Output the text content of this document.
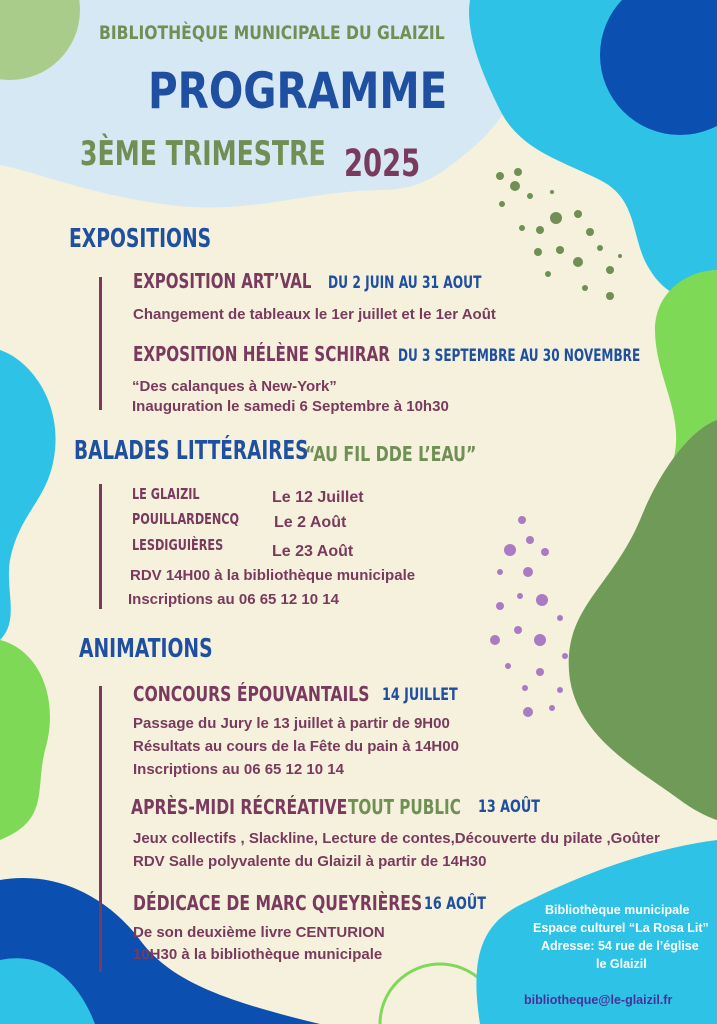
BIBLIOTHÈQUE MUNICIPALE DU GLAIZIL
PROGRAMME
3ÈME TRIMESTRE 2025
EXPOSITIONS
EXPOSITION ART’VAL DU 2 JUIN AU 31 AOUT
Changement de tableaux le 1er juillet et le 1er Août
EXPOSITION HÉLÈNE SCHIRAR DU 3 SEPTEMBRE AU 30 NOVEMBRE
“Des calanques à New-York”
Inauguration le samedi 6 Septembre à 10h30
BALADES LITTÉRAIRES
“AU FIL DDE L’EAU”
LE GLAIZIL	Le 12 Juillet
POUILLARDENCQ Le 2 Août
LESDIGUIÈRES	Le 23 Août
RDV 14H00 à la bibliothèque municipale
Inscriptions au 06 65 12 10 14
ANIMATIONS
CONCOURS ÉPOUVANTAILS 14 JUILLET
Passage du Jury le 13 juillet à partir de 9H00
Résultats au cours de la Fête du pain à 14H00
Inscriptions au 06 65 12 10 14
APRÈS-MIDI RÉCRÉATIVE TOUT PUBLIC 13 AOÛT
Jeux collectifs , Slackline, Lecture de contes,Découverte du pilate ,Goûter
RDV Salle polyvalente du Glaizil à partir de 14H30
DÉDICACE DE MARC QUEYRIÈRES 16 AOÛT
De son deuxième livre CENTURION
10H30 à la bibliothèque municipale
Bibliothèque municipale
Espace culturel “La Rosa Lit”
Adresse: 54 rue de l’église
le Glaizil
bibliotheque@le-glaizil.fr
